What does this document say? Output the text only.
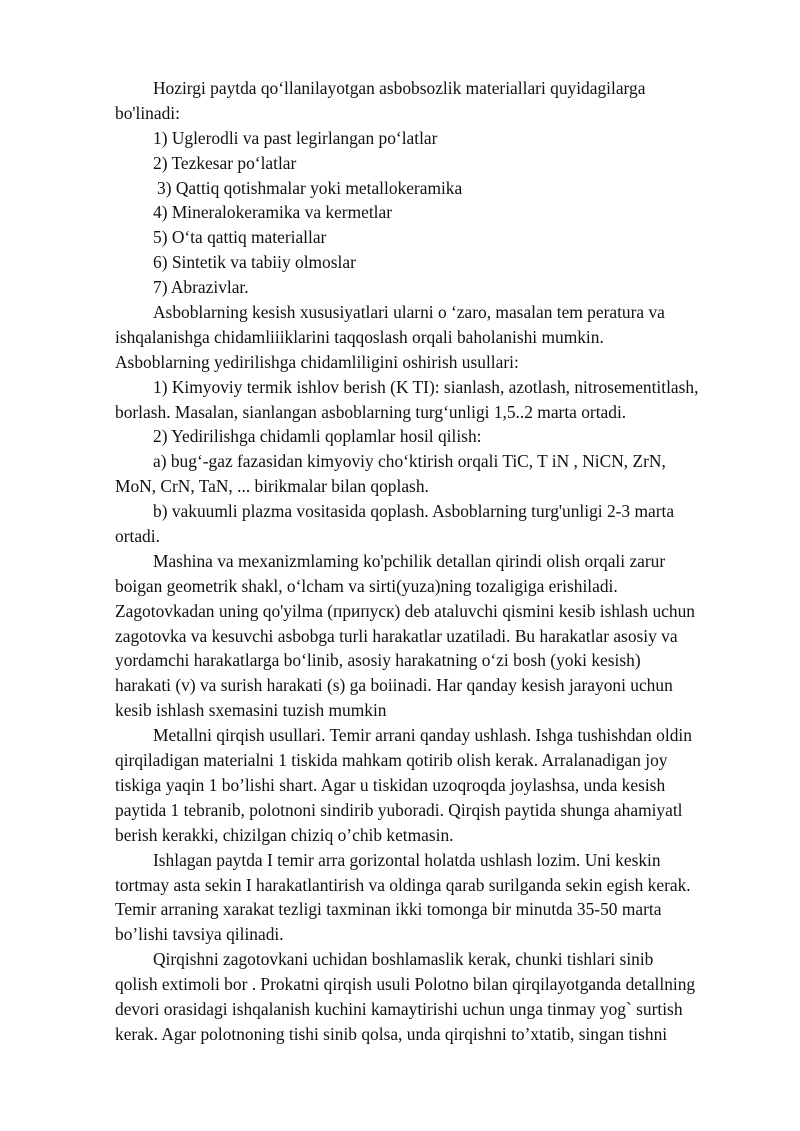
Hozirgi paytda qo‘llanilayotgan asbobsozlik materiallari quyidagilarga
bo'linadi:
1) Uglerodli va past legirlangan po‘latlar
2) Tezkesar po‘latlar
3) Qattiq qotishmalar yoki metallokeramika
4) Mineralokeramika va kermetlar
5) O‘ta qattiq materiallar
6) Sintetik va tabiiy olmoslar
7) Abrazivlar.
Asboblarning kesish xususiyatlari ularni o ‘zaro, masalan tem peratura va
ishqalanishga chidamliiiklarini taqqoslash orqali baholanishi mumkin.
Asboblarning yedirilishga chidamliligini oshirish usullari:
1) Kimyoviy termik ishlov berish (K TI): sianlash, azotlash, nitrosementitlash,
borlash. Masalan, sianlangan asboblarning turg‘unligi 1,5..2 marta ortadi.
2) Yedirilishga chidamli qoplamlar hosil qilish:
a) bug‘-gaz fazasidan kimyoviy cho‘ktirish orqali TiC, T iN , NiCN, ZrN,
MoN, CrN, TaN, ... birikmalar bilan qoplash.
b) vakuumli plazma vositasida qoplash. Asboblarning turg'unligi 2-3 marta
ortadi.
Mashina va mexanizmlaming ko'pchilik detallan qirindi olish orqali zarur
boigan geometrik shakl, o‘lcham va sirti(yuza)ning tozaligiga erishiladi.
Zagotovkadan uning qo'yilma (припуск) deb ataluvchi qismini kesib ishlash uchun
zagotovka va kesuvchi asbobga turli harakatlar uzatiladi. Bu harakatlar asosiy va
yordamchi harakatlarga bo‘linib, asosiy harakatning o‘zi bosh (yoki kesish)
harakati (v) va surish harakati (s) ga boiinadi. Har qanday kesish jarayoni uchun
kesib ishlash sxemasini tuzish mumkin
Metallni qirqish usullari. Temir arrani qanday ushlash. Ishga tushishdan oldin
qirqiladigan materialni 1 tiskida mahkam qotirib olish kerak. Arralanadigan joy
tiskiga yaqin 1 bo’lishi shart. Agar u tiskidan uzoqroqda joylashsa, unda kesish
paytida 1 tebranib, polotnoni sindirib yuboradi. Qirqish paytida shunga ahamiyatl
berish kerakki, chizilgan chiziq o’chib ketmasin.
Ishlagan paytda I temir arra gorizontal holatda ushlash lozim. Uni keskin
tortmay asta sekin I harakatlantirish va oldinga qarab surilganda sekin egish kerak.
Temir arraning xarakat tezligi taxminan ikki tomonga bir minutda 35-50 marta
bo’lishi tavsiya qilinadi.
Qirqishni zagotovkani uchidan boshlamaslik kerak, chunki tishlari sinib
qolish extimoli bor . Prokatni qirqish usuli Polotno bilan qirqilayotganda detallning
devori orasidagi ishqalanish kuchini kamaytirishi uchun unga tinmay yog` surtish
kerak. Agar polotnoning tishi sinib qolsa, unda qirqishni to’xtatib, singan tishni
